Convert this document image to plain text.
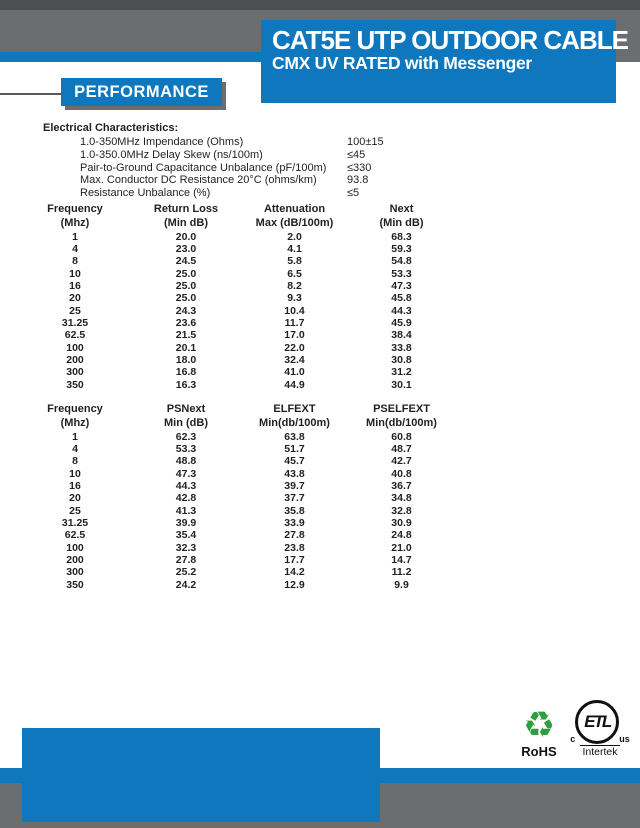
CAT5E UTP OUTDOOR CABLE
CMX UV RATED with Messenger
PERFORMANCE
Electrical Characteristics:
1.0-350MHz Impendance (Ohms)	100±15
1.0-350.0MHz Delay Skew (ns/100m)	≤45
Pair-to-Ground Capacitance Unbalance (pF/100m) ≤330
Max. Conductor DC Resistance 20°C (ohms/km)	93.8
Resistance Unbalance (%)	≤5
Frequency	Return Loss	Attenuation	Next
(Mhz)	(Min dB)	Max (dB/100m)	(Min dB)
1	20.0	2.0	68.3
4	23.0	4.1	59.3
8	24.5	5.8	54.8
10	25.0	6.5	53.3
16	25.0	8.2	47.3
20	25.0	9.3	45.8
25	24.3	10.4	44.3
31.25	23.6	11.7	45.9
62.5	21.5	17.0	38.4
100	20.1	22.0	33.8
200	18.0	32.4	30.8
300	16.8	41.0	31.2
350	16.3	44.9	30.1
Frequency	PSNext	ELFEXT	PSELFEXT
(Mhz)	Min (dB)	Min(db/100m)	Min(db/100m)
1	62.3	63.8	60.8
4	53.3	51.7	48.7
8	48.8	45.7	42.7
10	47.3	43.8	40.8
16	44.3	39.7	36.7
20	42.8	37.7	34.8
25	41.3	35.8	32.8
31.25	39.9	33.9	30.9
62.5	35.4	27.8	24.8
100	32.3	23.8	21.0
200	27.8	17.7	14.7
300	25.2	14.2	11.2
350	24.2	12.9	9.9
♻
RoHS
c
ETL
us
Intertek
